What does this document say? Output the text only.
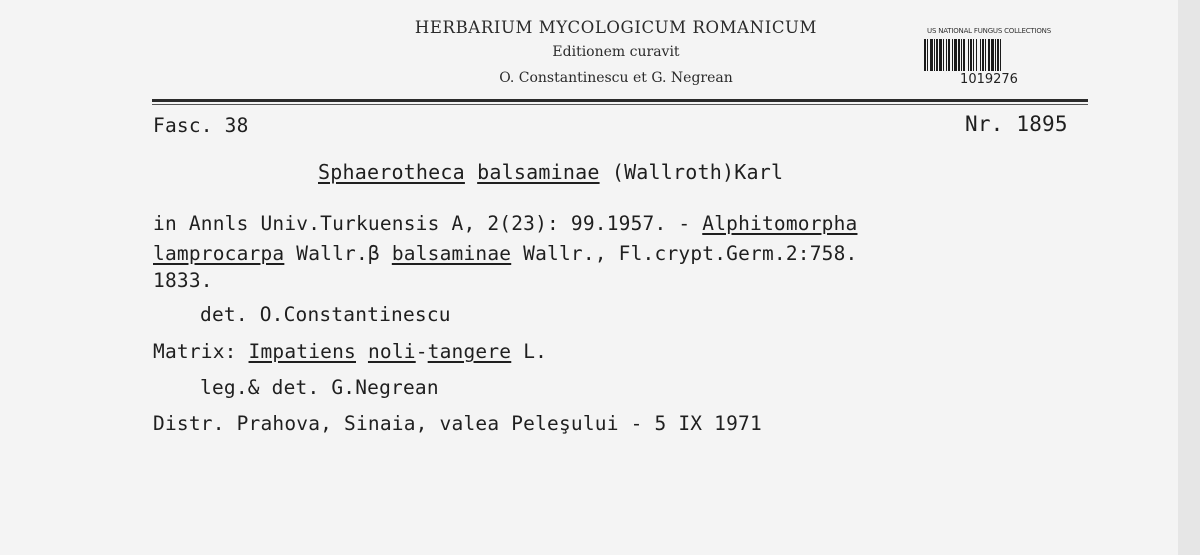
HERBARIUM MYCOLOGICUM ROMANICUM
Editionem curavit
O. Constantinescu et G. Negrean
US NATIONAL FUNGUS COLLECTIONS
1019276
Fasc. 38	Nr. 1895
Sphaerotheca balsaminae (Wallroth)Karl
in Annls Univ.Turkuensis A, 2(23): 99.1957. - Alphitomorpha
lamprocarpa Wallr.β balsaminae Wallr., Fl.crypt.Germ.2:758.
1833.
det. O.Constantinescu
Matrix: Impatiens noli-tangere L.
leg.& det. G.Negrean
Distr. Prahova, Sinaia, valea Peleşului - 5 IX 1971
